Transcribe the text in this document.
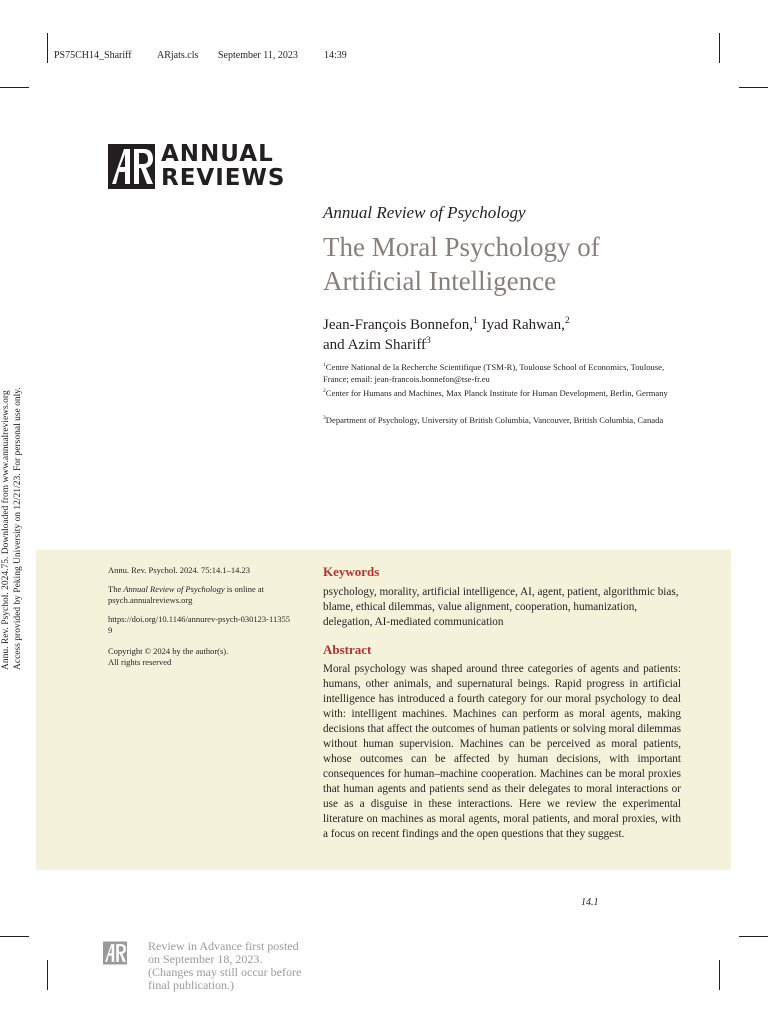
PS75CH14_Shariff	ARjats.cls September 11, 2023	14:39
ANNUAL
REVIEWS
Annual Review of Psychology
The Moral Psychology of Artificial Intelligence
Jean-François Bonnefon,$^1$ Iyad Rahwan,$^2$
and Azim Shariff$^3$
$^1$Centre National de la Recherche Scientifique (TSM-R), Toulouse School of Economics, Toulouse, France; email: jean-francois.bonnefon@tse-fr.eu
$^2$Center for Humans and Machines, Max Planck Institute for Human Development, Berlin, Germany
$^3$Department of Psychology, University of British Columbia, Vancouver, British Columbia, Canada
Annu. Rev. Psychol. 2024.75. Downloaded from www.annualreviews.org Access provided by Peking University on 12/21/23. For personal use only.	Annu. Rev. Psychol. 2024. 75:14.1–14.23
The Annual Review of Psychology is online at psych.annualreviews.org
https://doi.org/10.1146/annurev-psych-030123-113559
Copyright © 2024 by the author(s).
All rights reserved
Keywords
psychology, morality, artificial intelligence, AI, agent, patient, algorithmic bias, blame, ethical dilemmas, value alignment, cooperation, humanization, delegation, AI-mediated communication
Abstract
Moral psychology was shaped around three categories of agents and patients: humans, other animals, and supernatural beings. Rapid progress in artificial intelligence has introduced a fourth category for our moral psychology to deal with: intelligent machines. Machines can perform as moral agents, making decisions that affect the outcomes of human patients or solving moral dilemmas without human supervision. Machines can be perceived as moral patients, whose outcomes can be affected by human decisions, with important consequences for human–machine cooperation. Machines can be moral proxies that human agents and patients send as their delegates to moral interactions or use as a disguise in these interactions. Here we review the experimental literature on machines as moral agents, moral patients, and moral proxies, with a focus on recent findings and the open questions that they suggest.
14.1
Review in Advance first posted
on September 18, 2023.
(Changes may still occur before
final publication.)
